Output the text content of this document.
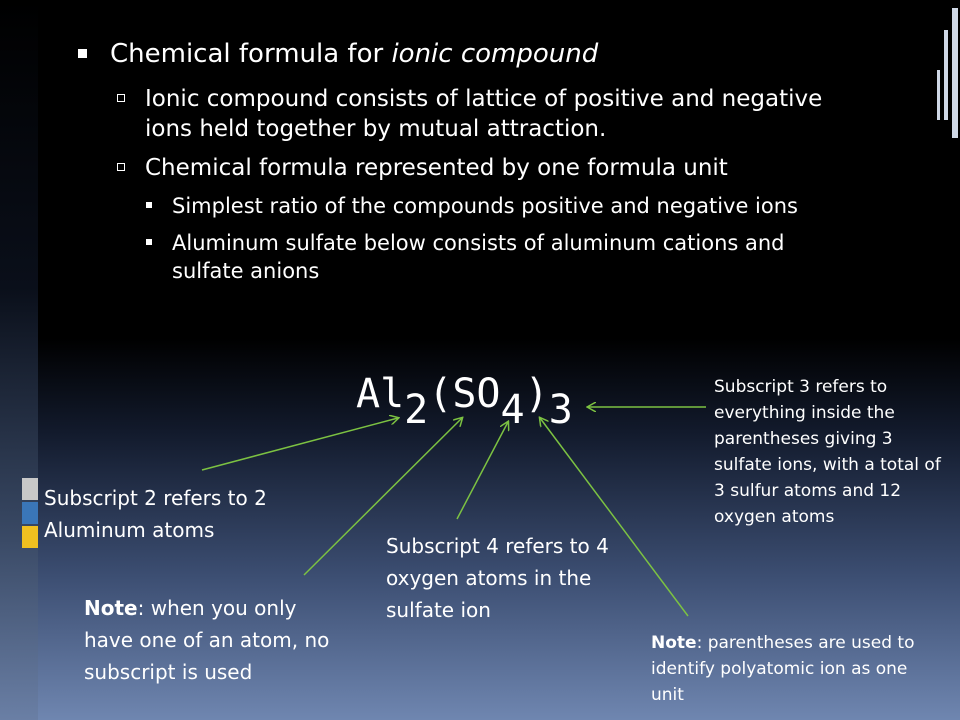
Chemical formula for ionic compound
Ionic compound consists of lattice of positive and negative ions held together by mutual attraction.
Chemical formula represented by one formula unit
Simplest ratio of the compounds positive and negative ions
Aluminum sulfate below consists of aluminum cations and sulfate anions
Al2(SO4)3
Subscript 2 refers to 2 Aluminum atoms
Subscript 4 refers to 4 oxygen atoms in the sulfate ion
Note: when you only have one of an atom, no subscript is used
Subscript 3 refers to everything inside the parentheses giving 3 sulfate ions, with a total of 3 sulfur atoms and 12 oxygen atoms
Note: parentheses are used to identify polyatomic ion as one unit
